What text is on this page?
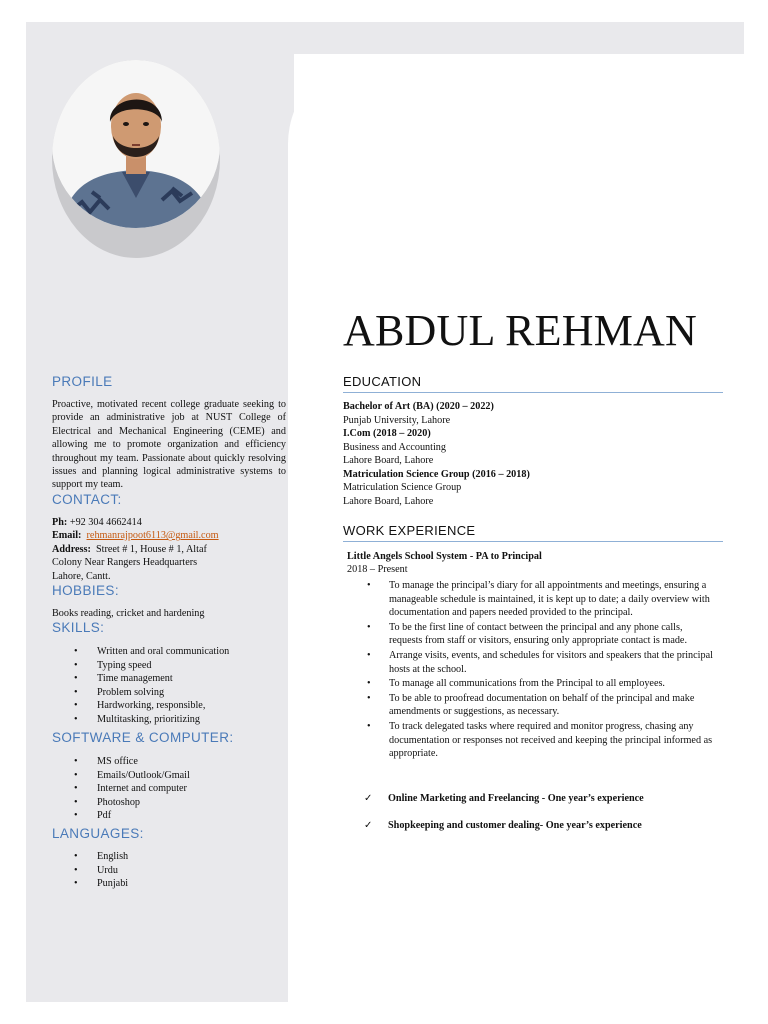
PROFILE
Proactive, motivated recent college graduate seeking to provide an administrative job at NUST College of Electrical and Mechanical Engineering (CEME) and allowing me to promote organization and efficiency throughout my team. Passionate about quickly resolving issues and planning logical administrative systems to support my team.
CONTACT:
Ph: +92 304 4662414
Email: rehmanrajpoot6113@gmail.com
Address: Street # 1, House # 1, Altaf
Colony Near Rangers Headquarters
Lahore, Cantt.
HOBBIES:
Books reading, cricket and hardening
SKILLS:
• Written and oral communication
• Typing speed
• Time management
• Problem solving
• Hardworking, responsible,
• Multitasking, prioritizing
SOFTWARE & COMPUTER:
• MS office
• Emails/Outlook/Gmail
• Internet and computer
• Photoshop
• Pdf
LANGUAGES:
• English
• Urdu
• Punjabi
ABDUL REHMAN
EDUCATION
Bachelor of Art (BA) (2020 – 2022)
Punjab University, Lahore
I.Com (2018 – 2020)
Business and Accounting
Lahore Board, Lahore
Matriculation Science Group (2016 – 2018)
Matriculation Science Group
Lahore Board, Lahore
WORK EXPERIENCE
Little Angels School System - PA to Principal
2018 – Present
• To manage the principal’s diary for all appointments and meetings, ensuring a manageable schedule is maintained, it is kept up to date; a daily overview with documentation and papers needed provided to the principal.
• To be the first line of contact between the principal and any phone calls, requests from staff or visitors, ensuring only appropriate contact is made.
• Arrange visits, events, and schedules for visitors and speakers that the principal hosts at the school.
• To manage all communications from the Principal to all employees.
• To be able to proofread documentation on behalf of the principal and make amendments or suggestions, as necessary.
• To track delegated tasks where required and monitor progress, chasing any documentation or responses not received and keeping the principal informed as appropriate.
✓ Online Marketing and Freelancing - One year’s experience
✓ Shopkeeping and customer dealing- One year’s experience
